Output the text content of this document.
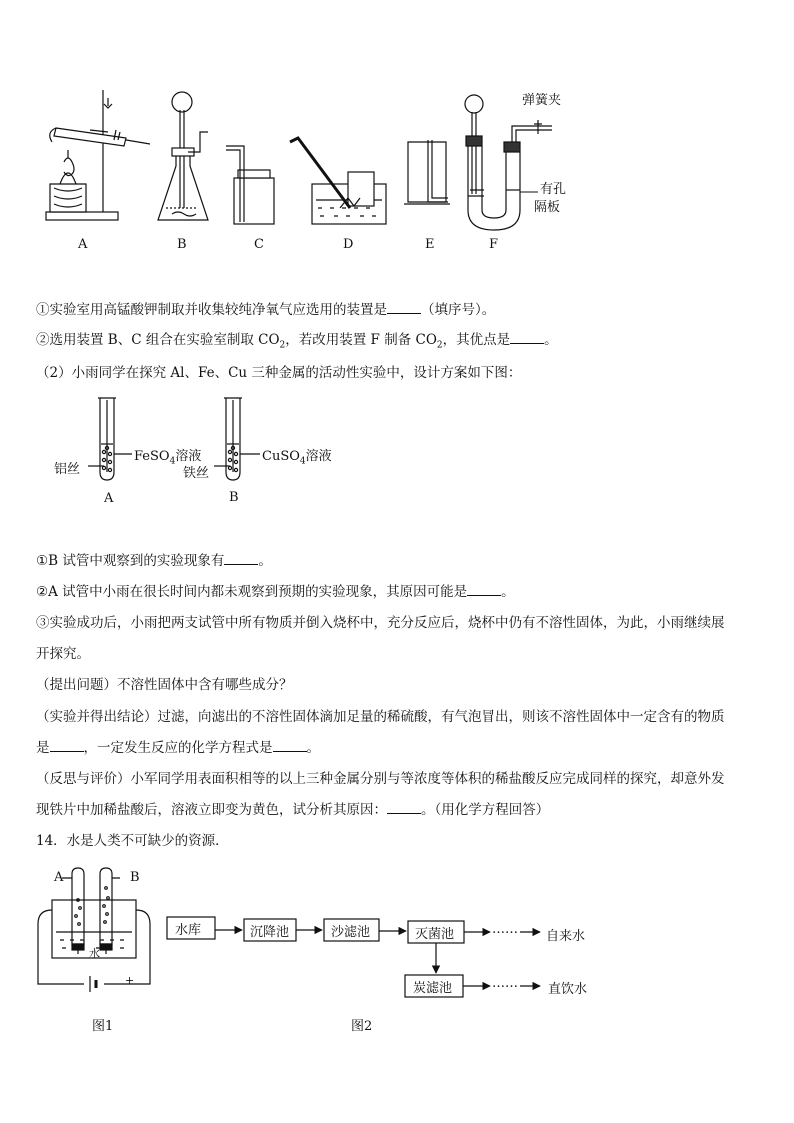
弹簧夹
有孔
隔板
A	B	C	D	E	F
①实验室用高锰酸钾制取并收集较纯净氧气应选用的装置是	（填序号）。
②选用装置 B、C 组合在实验室制取 $CO_2$，若改用装置 F 制备 $CO_2$，其优点是	。
（2）小雨同学在探究 Al、Fe、Cu 三种金属的活动性实验中，设计方案如下图：
FeSO$_4$溶液
铝丝
A
CuSO$_4$溶液
铁丝
B
①B 试管中观察到的实验现象有	。
②A 试管中小雨在很长时间内都未观察到预期的实验现象，其原因可能是	。
③实验成功后，小雨把两支试管中所有物质并倒入烧杯中，充分反应后，烧杯中仍有不溶性固体，为此，小雨继续展
开探究。
（提出问题）不溶性固体中含有哪些成分？
（实验并得出结论）过滤，向滤出的不溶性固体滴加足量的稀硫酸，有气泡冒出，则该不溶性固体中一定含有的物质
是	，一定发生反应的化学方程式是	。
（反思与评价）小军同学用表面积相等的以上三种金属分别与等浓度等体积的稀盐酸反应完成同样的探究，却意外发
现铁片中加稀盐酸后，溶液立即变为黄色，试分析其原因：	。（用化学方程回答）
14．水是人类不可缺少的资源．
A	B
水
－	+
图1
水库	沉降池	沙滤池	灭菌池
炭滤池
……
……
自来水
直饮水
图2
